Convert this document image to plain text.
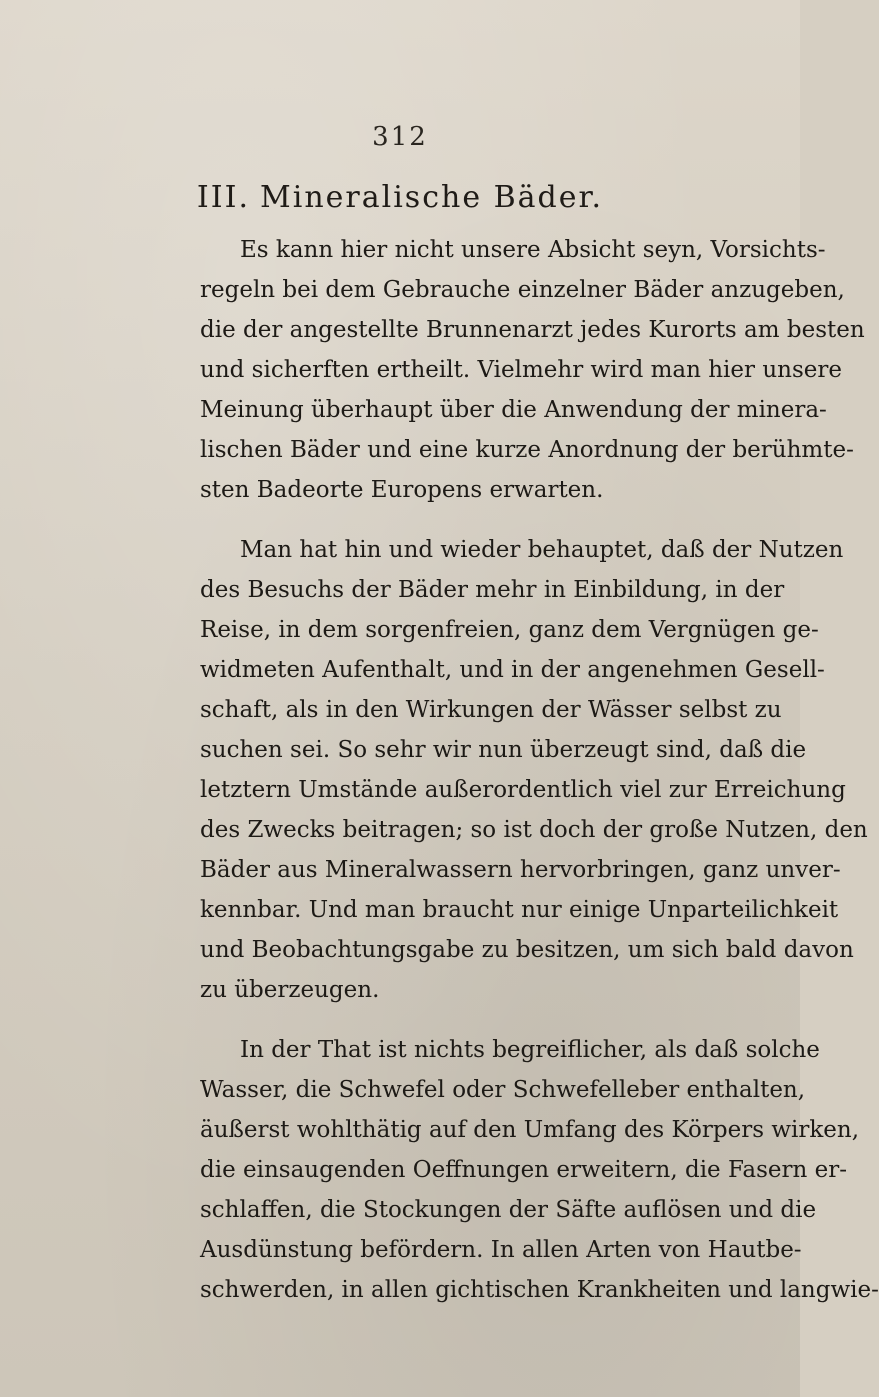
312
III. Mineralische Bäder.
Es kann hier nicht unsere Absicht seyn, Vorsichts-
regeln bei dem Gebrauche einzelner Bäder anzugeben,
die der angestellte Brunnenarzt jedes Kurorts am besten
und sicherften ertheilt. Vielmehr wird man hier unsere
Meinung überhaupt über die Anwendung der minera-
lischen Bäder und eine kurze Anordnung der berühmte-
sten Badeorte Europens erwarten.
Man hat hin und wieder behauptet, daß der Nutzen
des Besuchs der Bäder mehr in Einbildung, in der
Reise, in dem sorgenfreien, ganz dem Vergnügen ge-
widmeten Aufenthalt, und in der angenehmen Gesell-
schaft, als in den Wirkungen der Wässer selbst zu
suchen sei. So sehr wir nun überzeugt sind, daß die
letztern Umstände außerordentlich viel zur Erreichung
des Zwecks beitragen; so ist doch der große Nutzen, den
Bäder aus Mineralwassern hervorbringen, ganz unver-
kennbar. Und man braucht nur einige Unparteilichkeit
und Beobachtungsgabe zu besitzen, um sich bald davon
zu überzeugen.
In der That ist nichts begreiflicher, als daß solche
Wasser, die Schwefel oder Schwefelleber enthalten,
äußerst wohlthätig auf den Umfang des Körpers wirken,
die einsaugenden Oeffnungen erweitern, die Fasern er-
schlaffen, die Stockungen der Säfte auflösen und die
Ausdünstung befördern. In allen Arten von Hautbe-
schwerden, in allen gichtischen Krankheiten und langwie-
